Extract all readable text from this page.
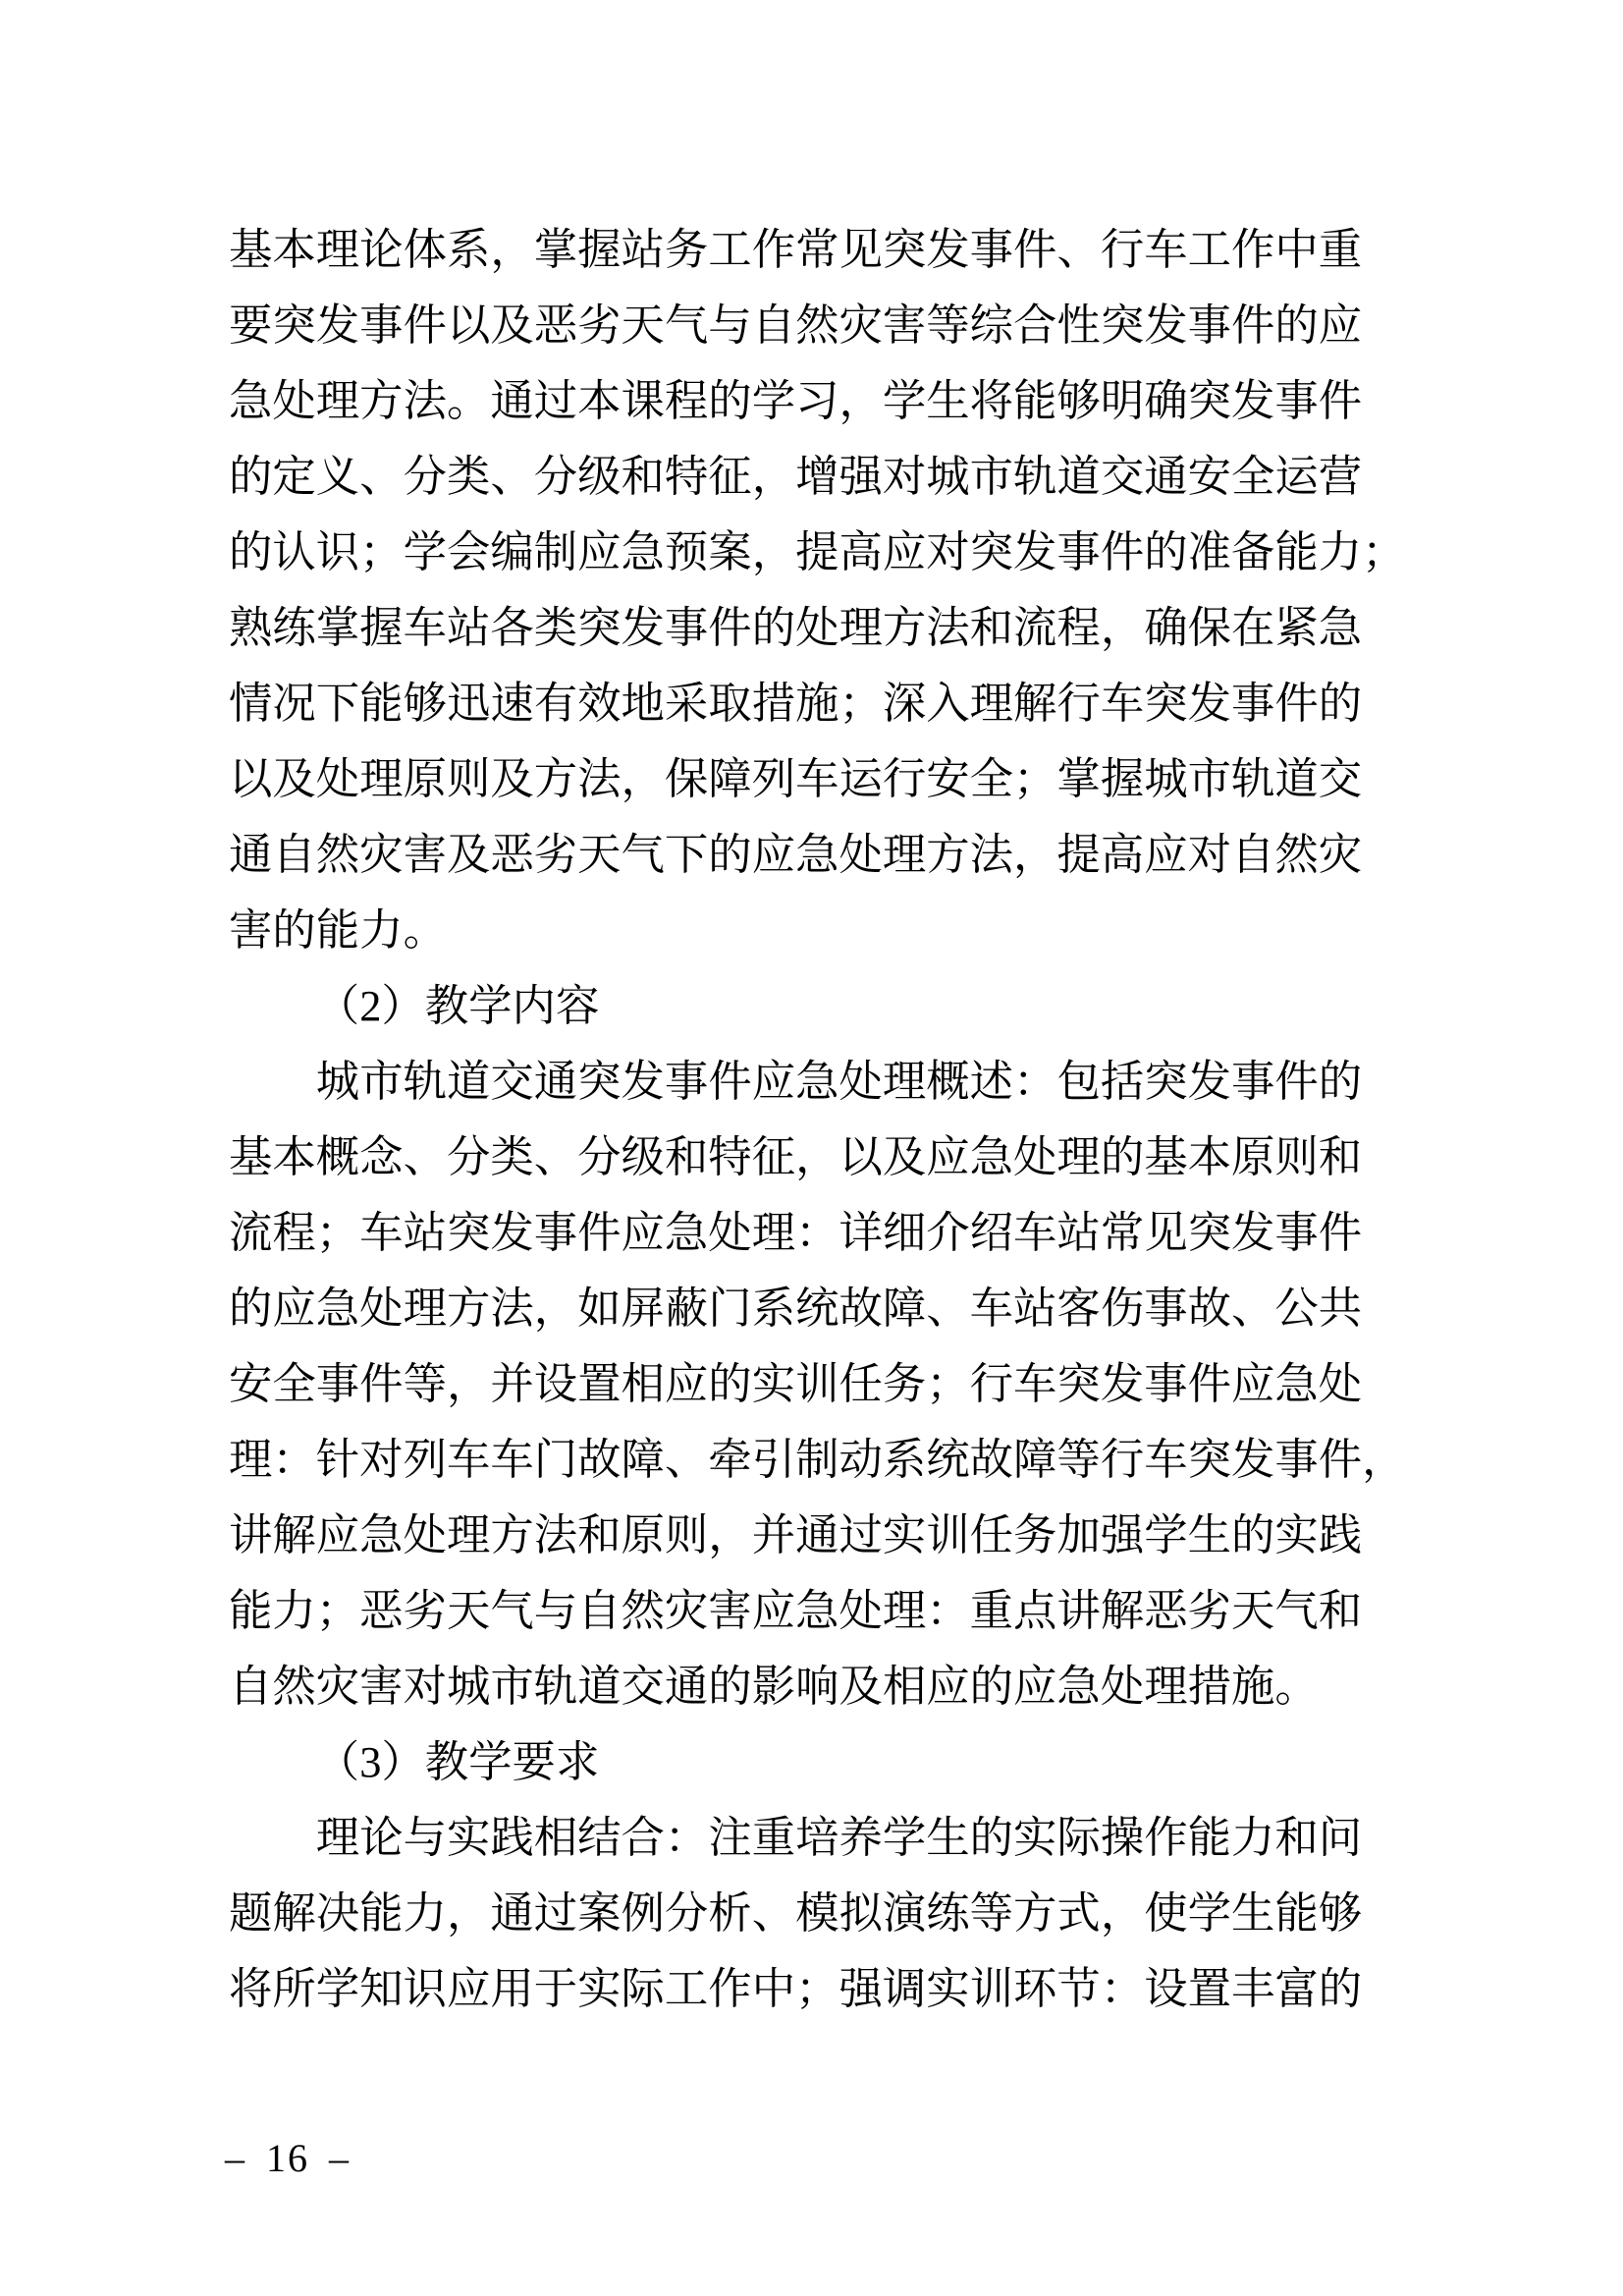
基本理论体系，掌握站务工作常见突发事件、行车工作中重
要突发事件以及恶劣天气与自然灾害等综合性突发事件的应
急处理方法。通过本课程的学习，学生将能够明确突发事件
的定义、分类、分级和特征，增强对城市轨道交通安全运营
的认识；学会编制应急预案，提高应对突发事件的准备能力；
熟练掌握车站各类突发事件的处理方法和流程，确保在紧急
情况下能够迅速有效地采取措施；深入理解行车突发事件的
以及处理原则及方法，保障列车运行安全；掌握城市轨道交
通自然灾害及恶劣天气下的应急处理方法，提高应对自然灾
害的能力。
（2）教学内容
城市轨道交通突发事件应急处理概述：包括突发事件的
基本概念、分类、分级和特征，以及应急处理的基本原则和
流程；车站突发事件应急处理：详细介绍车站常见突发事件
的应急处理方法，如屏蔽门系统故障、车站客伤事故、公共
安全事件等，并设置相应的实训任务；行车突发事件应急处
理：针对列车车门故障、牵引制动系统故障等行车突发事件，
讲解应急处理方法和原则，并通过实训任务加强学生的实践
能力；恶劣天气与自然灾害应急处理：重点讲解恶劣天气和
自然灾害对城市轨道交通的影响及相应的应急处理措施。
（3）教学要求
理论与实践相结合：注重培养学生的实际操作能力和问
题解决能力，通过案例分析、模拟演练等方式，使学生能够
将所学知识应用于实际工作中；强调实训环节：设置丰富的
– 16 –
